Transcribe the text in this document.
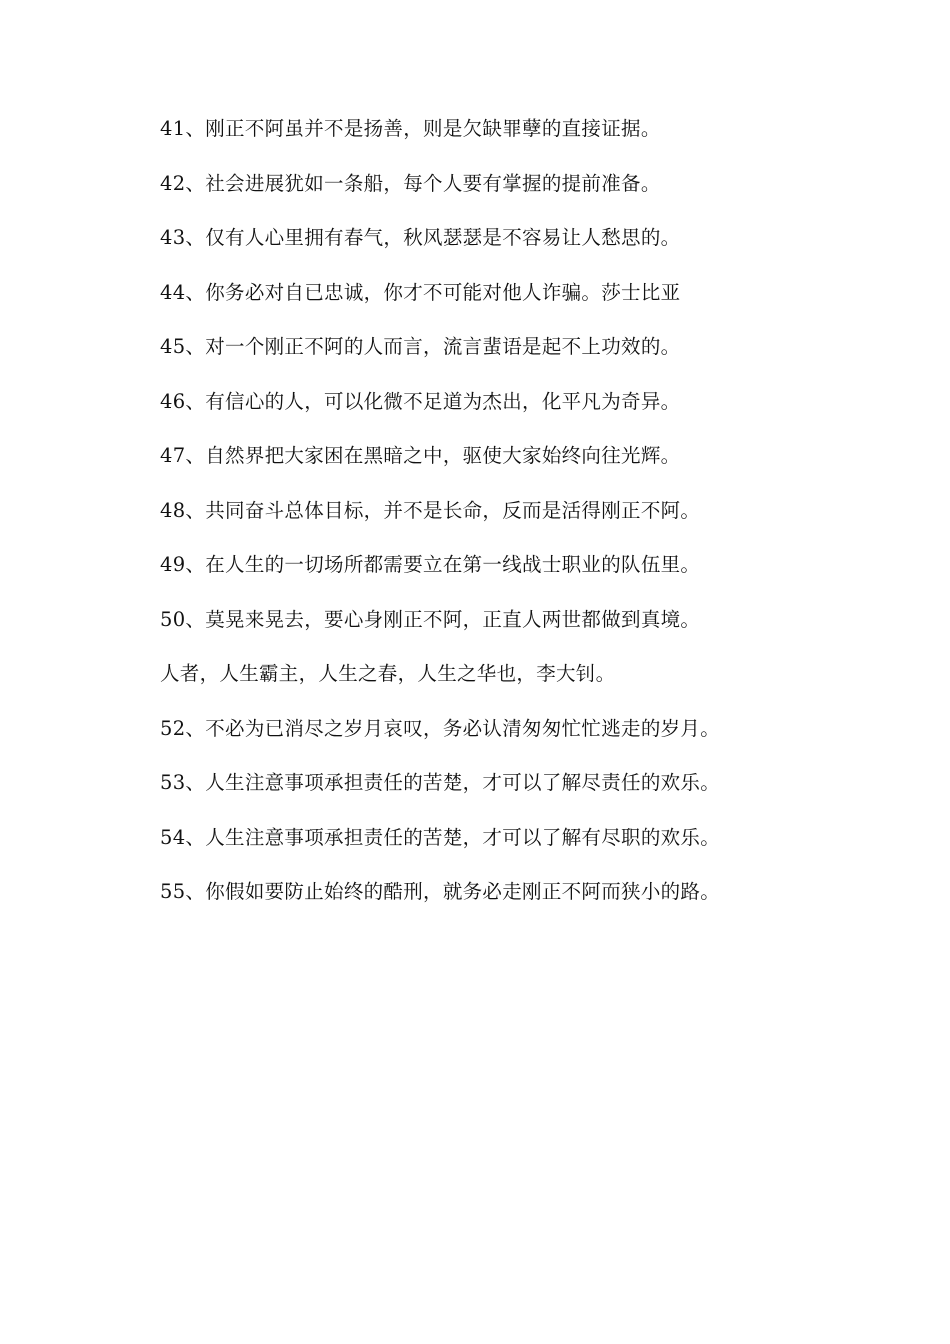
41、刚正不阿虽并不是扬善，则是欠缺罪孽的直接证据。
42、社会进展犹如一条船，每个人要有掌握的提前准备。
43、仅有人心里拥有春气，秋风瑟瑟是不容易让人愁思的。
44、你务必对自已忠诚，你才不可能对他人诈骗。莎士比亚
45、对一个刚正不阿的人而言，流言蜚语是起不上功效的。
46、有信心的人，可以化微不足道为杰出，化平凡为奇异。
47、自然界把大家困在黑暗之中，驱使大家始终向往光辉。
48、共同奋斗总体目标，并不是长命，反而是活得刚正不阿。
49、在人生的一切场所都需要立在第一线战士职业的队伍里。
50、莫晃来晃去，要心身刚正不阿，正直人两世都做到真境。
人者，人生霸主，人生之春，人生之华也，李大钊。
52、不必为已消尽之岁月哀叹，务必认清匆匆忙忙逃走的岁月。
53、人生注意事项承担责任的苦楚，才可以了解尽责任的欢乐。
54、人生注意事项承担责任的苦楚，才可以了解有尽职的欢乐。
55、你假如要防止始终的酷刑，就务必走刚正不阿而狭小的路。
